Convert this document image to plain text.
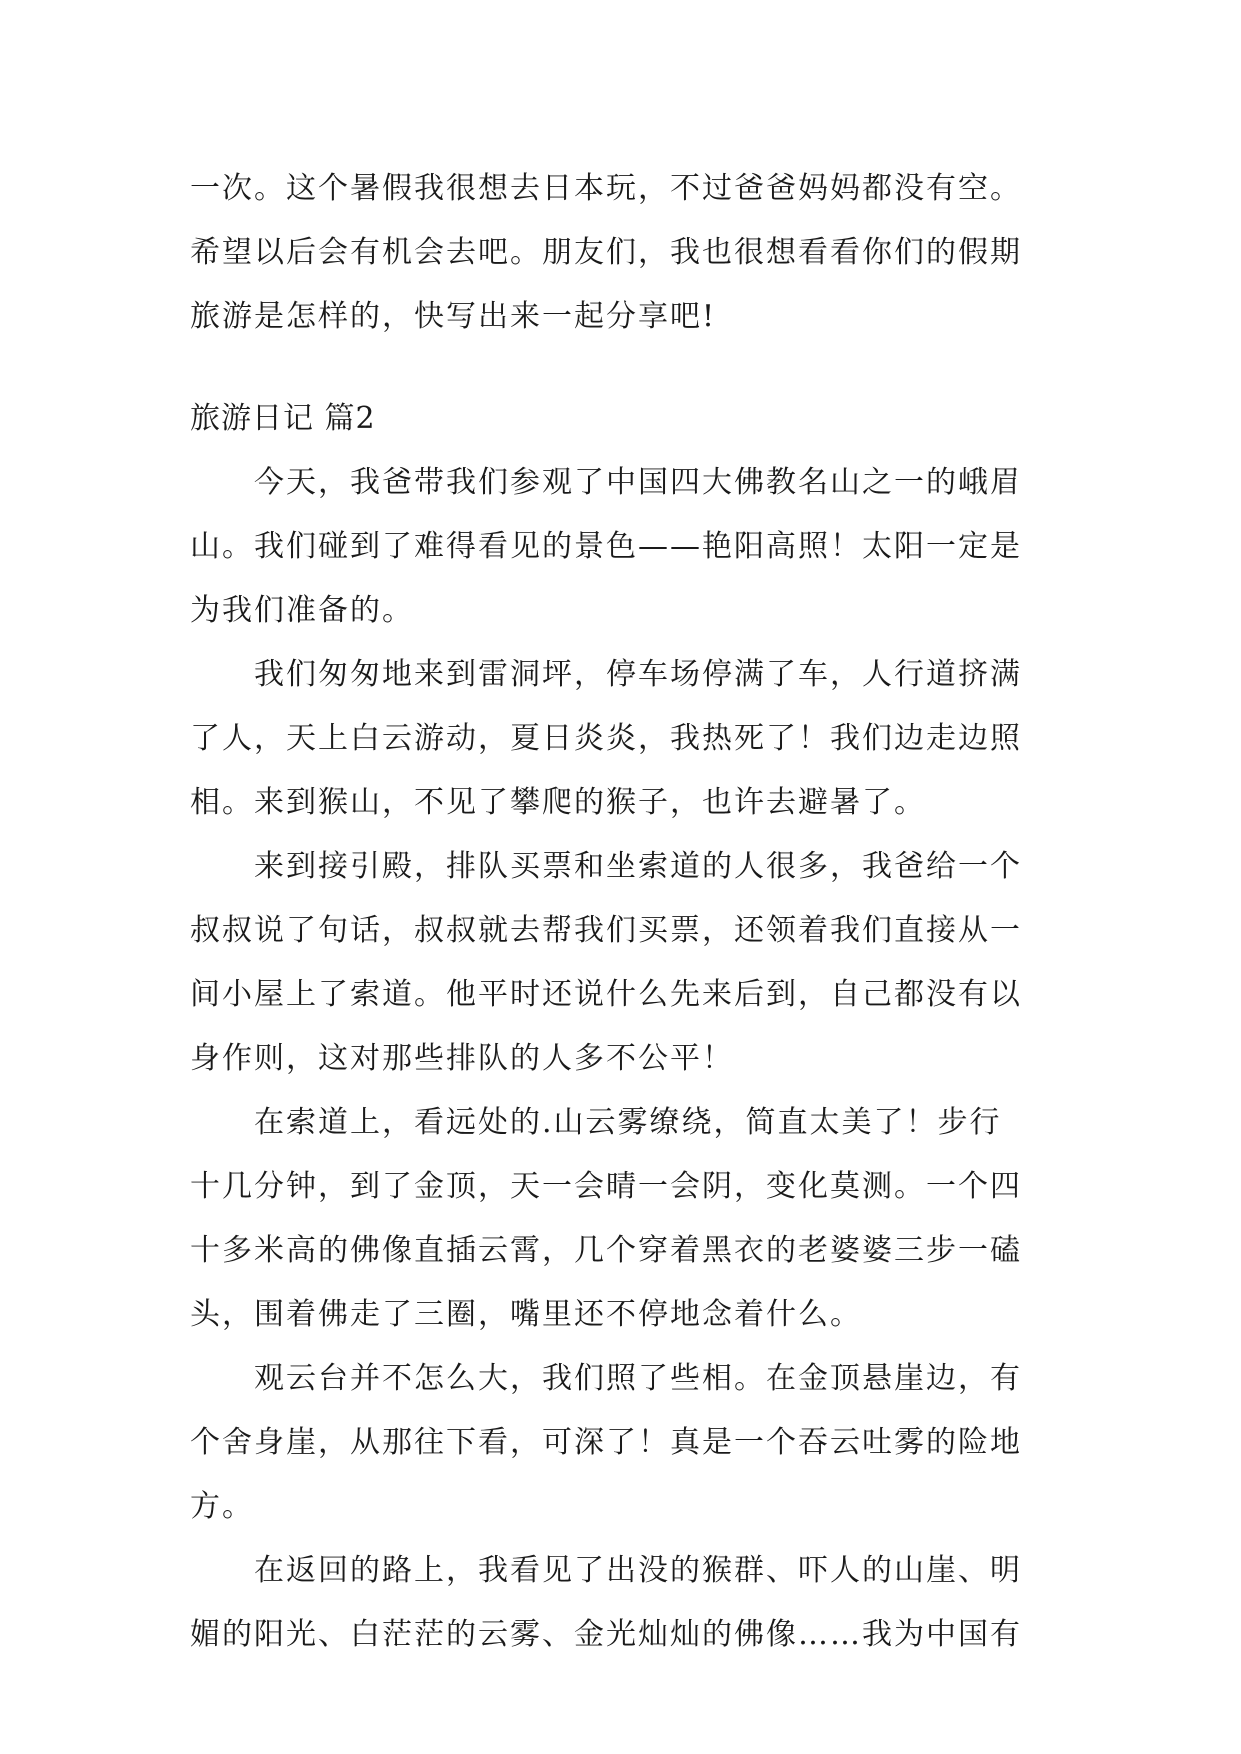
一次。这个暑假我很想去日本玩，不过爸爸妈妈都没有空。
希望以后会有机会去吧。朋友们，我也很想看看你们的假期
旅游是怎样的，快写出来一起分享吧!
旅游日记 篇2
今天，我爸带我们参观了中国四大佛教名山之一的峨眉
山。我们碰到了难得看见的景色——艳阳高照！太阳一定是
为我们准备的。
我们匆匆地来到雷洞坪，停车场停满了车，人行道挤满
了人，天上白云游动，夏日炎炎，我热死了！我们边走边照
相。来到猴山，不见了攀爬的猴子，也许去避暑了。
来到接引殿，排队买票和坐索道的人很多，我爸给一个
叔叔说了句话，叔叔就去帮我们买票，还领着我们直接从一
间小屋上了索道。他平时还说什么先来后到，自己都没有以
身作则，这对那些排队的人多不公平！
在索道上，看远处的.山云雾缭绕，简直太美了！步行
十几分钟，到了金顶，天一会晴一会阴，变化莫测。一个四
十多米高的佛像直插云霄，几个穿着黑衣的老婆婆三步一磕
头，围着佛走了三圈，嘴里还不停地念着什么。
观云台并不怎么大，我们照了些相。在金顶悬崖边，有
个舍身崖，从那往下看，可深了！真是一个吞云吐雾的险地
方。
在返回的路上，我看见了出没的猴群、吓人的山崖、明
媚的阳光、白茫茫的云雾、金光灿灿的佛像……我为中国有
